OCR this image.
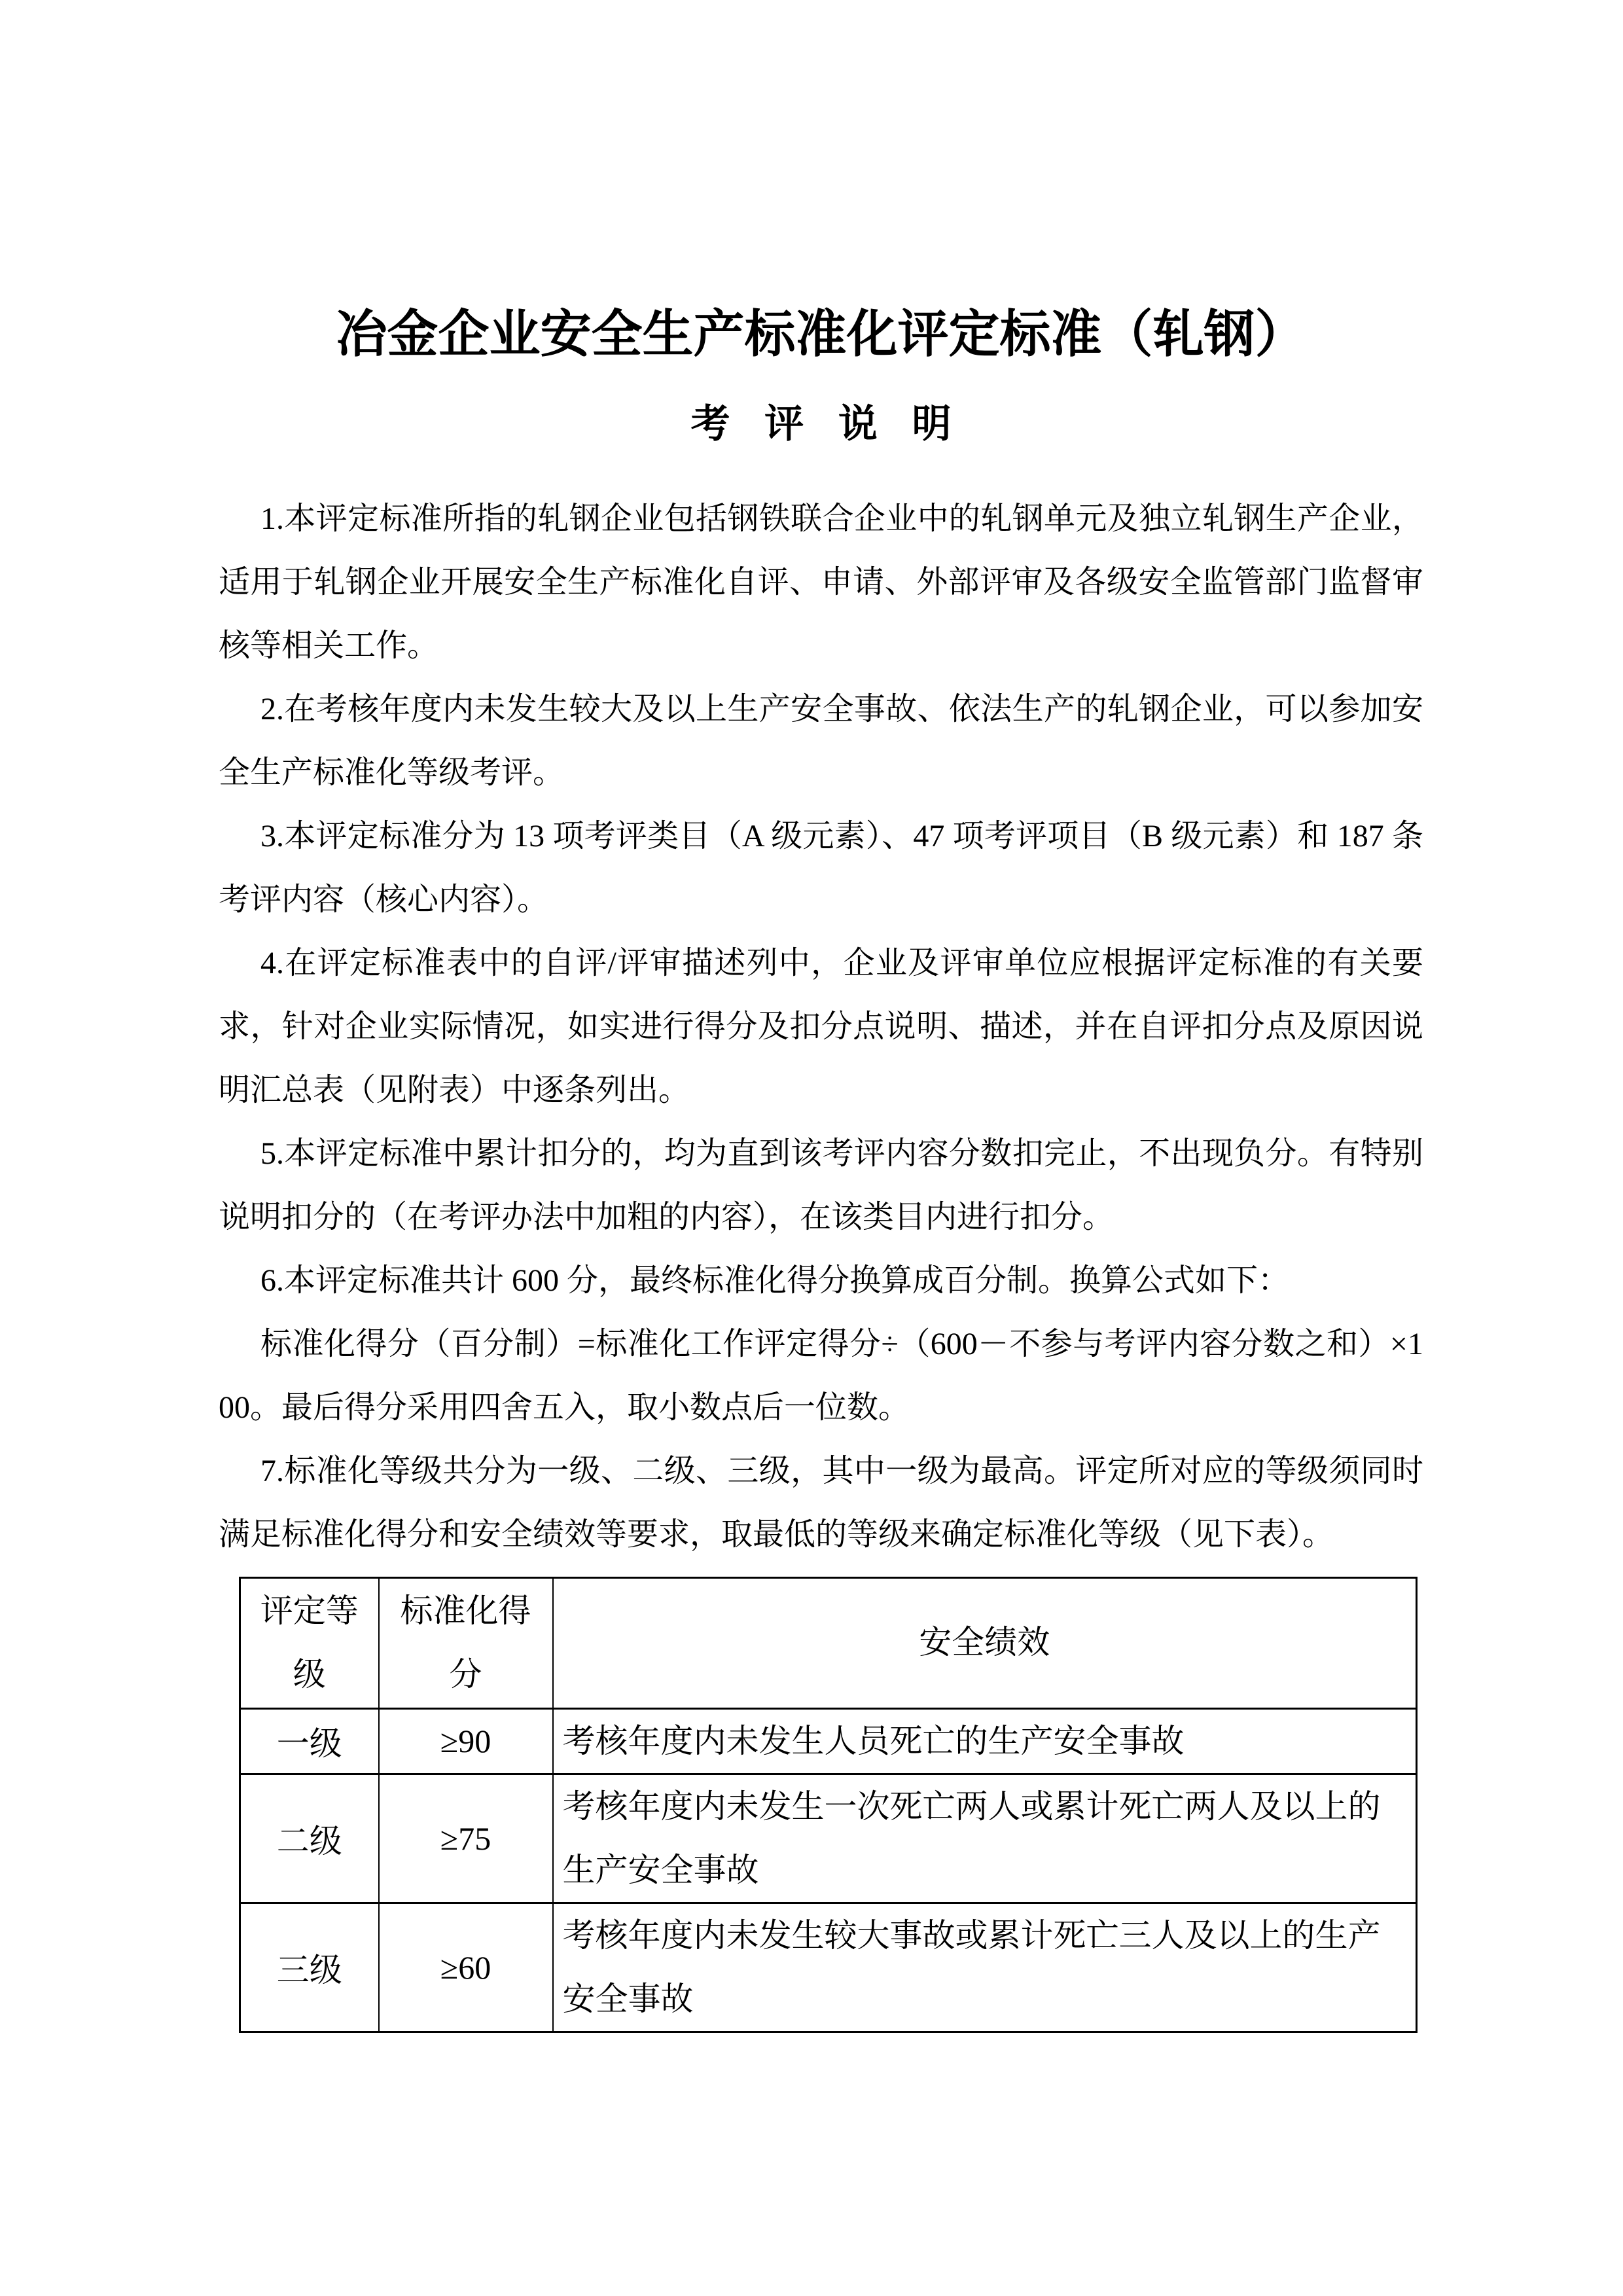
冶金企业安全生产标准化评定标准（轧钢）
考 评 说 明

1.本评定标准所指的轧钢企业包括钢铁联合企业中的轧钢单元及独立轧钢生产企业，适用于轧钢企业开展安全生产标准化自评、申请、外部评审及各级安全监管部门监督审核等相关工作。

2.在考核年度内未发生较大及以上生产安全事故、依法生产的轧钢企业，可以参加安全生产标准化等级考评。

3.本评定标准分为 13 项考评类目（A 级元素）、47 项考评项目（B 级元素）和 187 条考评内容（核心内容）。

4.在评定标准表中的自评/评审描述列中，企业及评审单位应根据评定标准的有关要求，针对企业实际情况，如实进行得分及扣分点说明、描述，并在自评扣分点及原因说明汇总表（见附表）中逐条列出。

5.本评定标准中累计扣分的，均为直到该考评内容分数扣完止，不出现负分。有特别说明扣分的（在考评办法中加粗的内容），在该类目内进行扣分。

6.本评定标准共计 600 分，最终标准化得分换算成百分制。换算公式如下：

标准化得分（百分制）=标准化工作评定得分÷（600－不参与考评内容分数之和）×100。最后得分采用四舍五入，取小数点后一位数。

7.标准化等级共分为一级、二级、三级，其中一级为最高。评定所对应的等级须同时满足标准化得分和安全绩效等要求，取最低的等级来确定标准化等级（见下表）。

评定等级	标准化得分	安全绩效
一级	≥90	考核年度内未发生人员死亡的生产安全事故
二级	≥75	考核年度内未发生一次死亡两人或累计死亡两人及以上的生产安全事故
三级	≥60	考核年度内未发生较大事故或累计死亡三人及以上的生产安全事故
